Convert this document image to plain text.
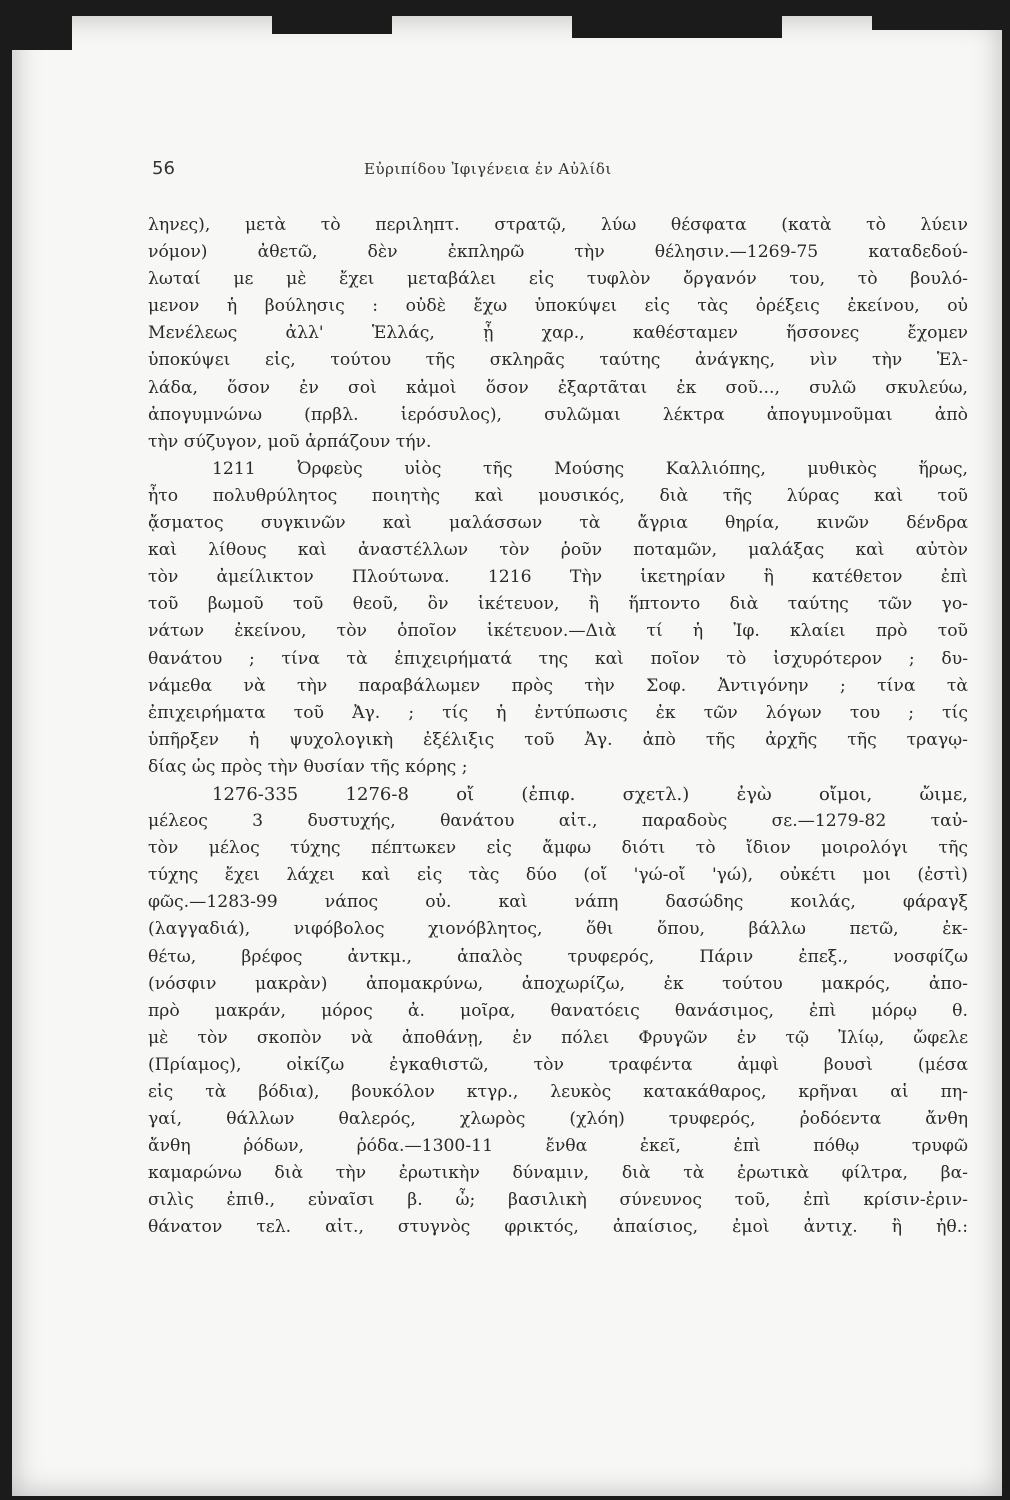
56	Εὐριπίδου Ἰφιγένεια ἐν Αὐλίδι
ληνες), μετὰ τὸ περιληπτ. στρατῷ, λύω θέσφατα (κατὰ τὸ λύειν
νόμον) ἀθετῶ, δὲν ἐκπληρῶ τὴν θέλησιν.—1269-75 καταδεδού-
λωταί με μὲ ἔχει μεταβάλει εἰς τυφλὸν ὄργανόν του, τὸ βουλό-
μενον ἡ βούλησις : οὐδὲ ἔχω ὑποκύψει εἰς τὰς ὀρέξεις ἐκείνου, οὐ
Μενέλεως ἀλλ' Ἑλλάς, ᾗ χαρ., καθέσταμεν ἥσσονες ἔχομεν
ὑποκύψει εἰς, τούτου τῆς σκληρᾶς ταύτης ἀνάγκης, νὶν τὴν Ἑλ-
λάδα, ὅσον ἐν σοὶ κἀμοὶ ὅσον ἐξαρτᾶται ἐκ σοῦ..., συλῶ σκυλεύω,
ἀπογυμνώνω (πρβλ. ἱερόσυλος), συλῶμαι λέκτρα ἀπογυμνοῦμαι ἀπὸ
τὴν σύζυγον, μοῦ ἁρπάζουν τήν.
1211 Ὀρφεὺς υἱὸς τῆς Μούσης Καλλιόπης, μυθικὸς ἥρως,
ἦτο πολυθρύλητος ποιητὴς καὶ μουσικός, διὰ τῆς λύρας καὶ τοῦ
ᾄσματος συγκινῶν καὶ μαλάσσων τὰ ἄγρια θηρία, κινῶν δένδρα
καὶ λίθους καὶ ἀναστέλλων τὸν ῥοῦν ποταμῶν, μαλάξας καὶ αὐτὸν
τὸν ἀμείλικτον Πλούτωνα. 1216 Τὴν ἱκετηρίαν ἣ κατέθετον ἐπὶ
τοῦ βωμοῦ τοῦ θεοῦ, ὃν ἱκέτευον, ἢ ἥπτοντο διὰ ταύτης τῶν γο-
νάτων ἐκείνου, τὸν ὁποῖον ἱκέτευον.—Διὰ τί ἡ Ἰφ. κλαίει πρὸ τοῦ
θανάτου ; τίνα τὰ ἐπιχειρήματά της καὶ ποῖον τὸ ἰσχυρότερον ; δυ-
νάμεθα νὰ τὴν παραβάλωμεν πρὸς τὴν Σοφ. Ἀντιγόνην ; τίνα τὰ
ἐπιχειρήματα τοῦ Ἀγ. ; τίς ἡ ἐντύπωσις ἐκ τῶν λόγων του ; τίς
ὑπῆρξεν ἡ ψυχολογικὴ ἐξέλιξις τοῦ Ἀγ. ἀπὸ τῆς ἀρχῆς τῆς τραγῳ-
δίας ὡς πρὸς τὴν θυσίαν τῆς κόρης ;
1276-335 1276-8 οἴ (ἐπιφ. σχετλ.) ἐγὼ οἴμοι, ὤιμε,
μέλεος 3 δυστυχής, θανάτου αἰτ., παραδοὺς σε.—1279-82 ταὐ-
τὸν μέλος τύχης πέπτωκεν εἰς ἄμφω διότι τὸ ἴδιον μοιρολόγι τῆς
τύχης ἔχει λάχει καὶ εἰς τὰς δύο (οἴ 'γώ-οἴ 'γώ), οὐκέτι μοι (ἐστὶ)
φῶς.—1283-99 νάπος οὐ. καὶ νάπη δασώδης κοιλάς, φάραγξ
(λαγγαδιά), νιφόβολος χιονόβλητος, ὅθι ὅπου, βάλλω πετῶ, ἐκ-
θέτω, βρέφος ἀντκμ., ἁπαλὸς τρυφερός, Πάριν ἐπεξ., νοσφίζω
(νόσφιν μακρὰν) ἀπομακρύνω, ἀποχωρίζω, ἐκ τούτου μακρός, ἀπο-
πρὸ μακράν, μόρος ἀ. μοῖρα, θανατόεις θανάσιμος, ἐπὶ μόρῳ θ.
μὲ τὸν σκοπὸν νὰ ἀποθάνῃ, ἐν πόλει Φρυγῶν ἐν τῷ Ἰλίῳ, ὤφελε
(Πρίαμος), οἰκίζω ἐγκαθιστῶ, τὸν τραφέντα ἀμφὶ βουσὶ (μέσα
εἰς τὰ βόδια), βουκόλον κτγρ., λευκὸς κατακάθαρος, κρῆναι αἱ πη-
γαί, θάλλων θαλερός, χλωρὸς (χλόη) τρυφερός, ῥοδόεντα ἄνθη
ἄνθη ῥόδων, ῥόδα.—1300-11 ἔνθα ἐκεῖ, ἐπὶ πόθῳ τρυφῶ
καμαρώνω διὰ τὴν ἐρωτικὴν δύναμιν, διὰ τὰ ἐρωτικὰ φίλτρα, βα-
σιλὶς ἐπιθ., εὐναῖσι β. ὦ; βασιλικὴ σύνευνος τοῦ, ἐπὶ κρίσιν-ἐριν-
θάνατον τελ. αἰτ., στυγνὸς φρικτός, ἀπαίσιος, ἐμοὶ ἀντιχ. ἢ ἠθ.:
